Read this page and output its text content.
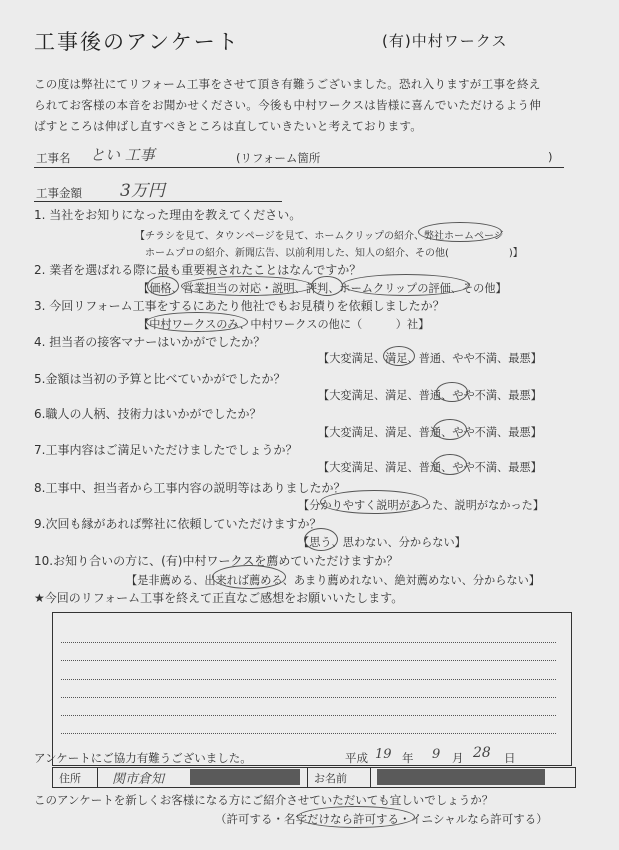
工事後のアンケート	(有)中村ワークス
この度は弊社にてリフォーム工事をさせて頂き有難うございました。恐れ入りますが工事を終え
られてお客様の本音をお聞かせください。今後も中村ワークスは皆様に喜んでいただけるよう伸
ばすところは伸ばし直すべきところは直していきたいと考えております。
工事名 とい 工事	(リフォーム箇所	)
工事金額 3万円
1. 当社をお知りになった理由を教えてください。
【チラシを見て、タウンページを見て、ホームクリップの紹介、弊社ホームページ
ホームプロの紹介、新聞広告、以前利用した、知人の紹介、その他(　　　　　　)】
2. 業者を選ばれる際に最も重要視されたことはなんですか？
【価格、営業担当の対応・説明、評判、ホームクリップの評価、その他】
3. 今回リフォーム工事をするにあたり他社でもお見積りを依頼しましたか？
【中村ワークスのみ、中村ワークスの他に（　　　）社】
4. 担当者の接客マナーはいかがでしたか？
【大変満足、満足、普通、やや不満、最悪】
5.金額は当初の予算と比べていかがでしたか？
【大変満足、満足、普通、やや不満、最悪】
6.職人の人柄、技術力はいかがでしたか？
【大変満足、満足、普通、やや不満、最悪】
7.工事内容はご満足いただけましたでしょうか？
【大変満足、満足、普通、やや不満、最悪】
8.工事中、担当者から工事内容の説明等はありましたか？
【分かりやすく説明があった、説明がなかった】
9.次回も縁があれば弊社に依頼していただけますか？
【思う、思わない、分からない】
10.お知り合いの方に、(有)中村ワークスを薦めていただけますか？
【是非薦める、出来れば薦める、あまり薦めれない、絶対薦めない、分からない】
★今回のリフォーム工事を終えて正直なご感想をお願いいたします。
アンケートにご協力有難うございました。	平成 19 年 9 月 28 日
住所	関市倉知	お名前
このアンケートを新しくお客様になる方にご紹介させていただいても宜しいでしょうか？
（許可する・名字だけなら許可する・イニシャルなら許可する）
